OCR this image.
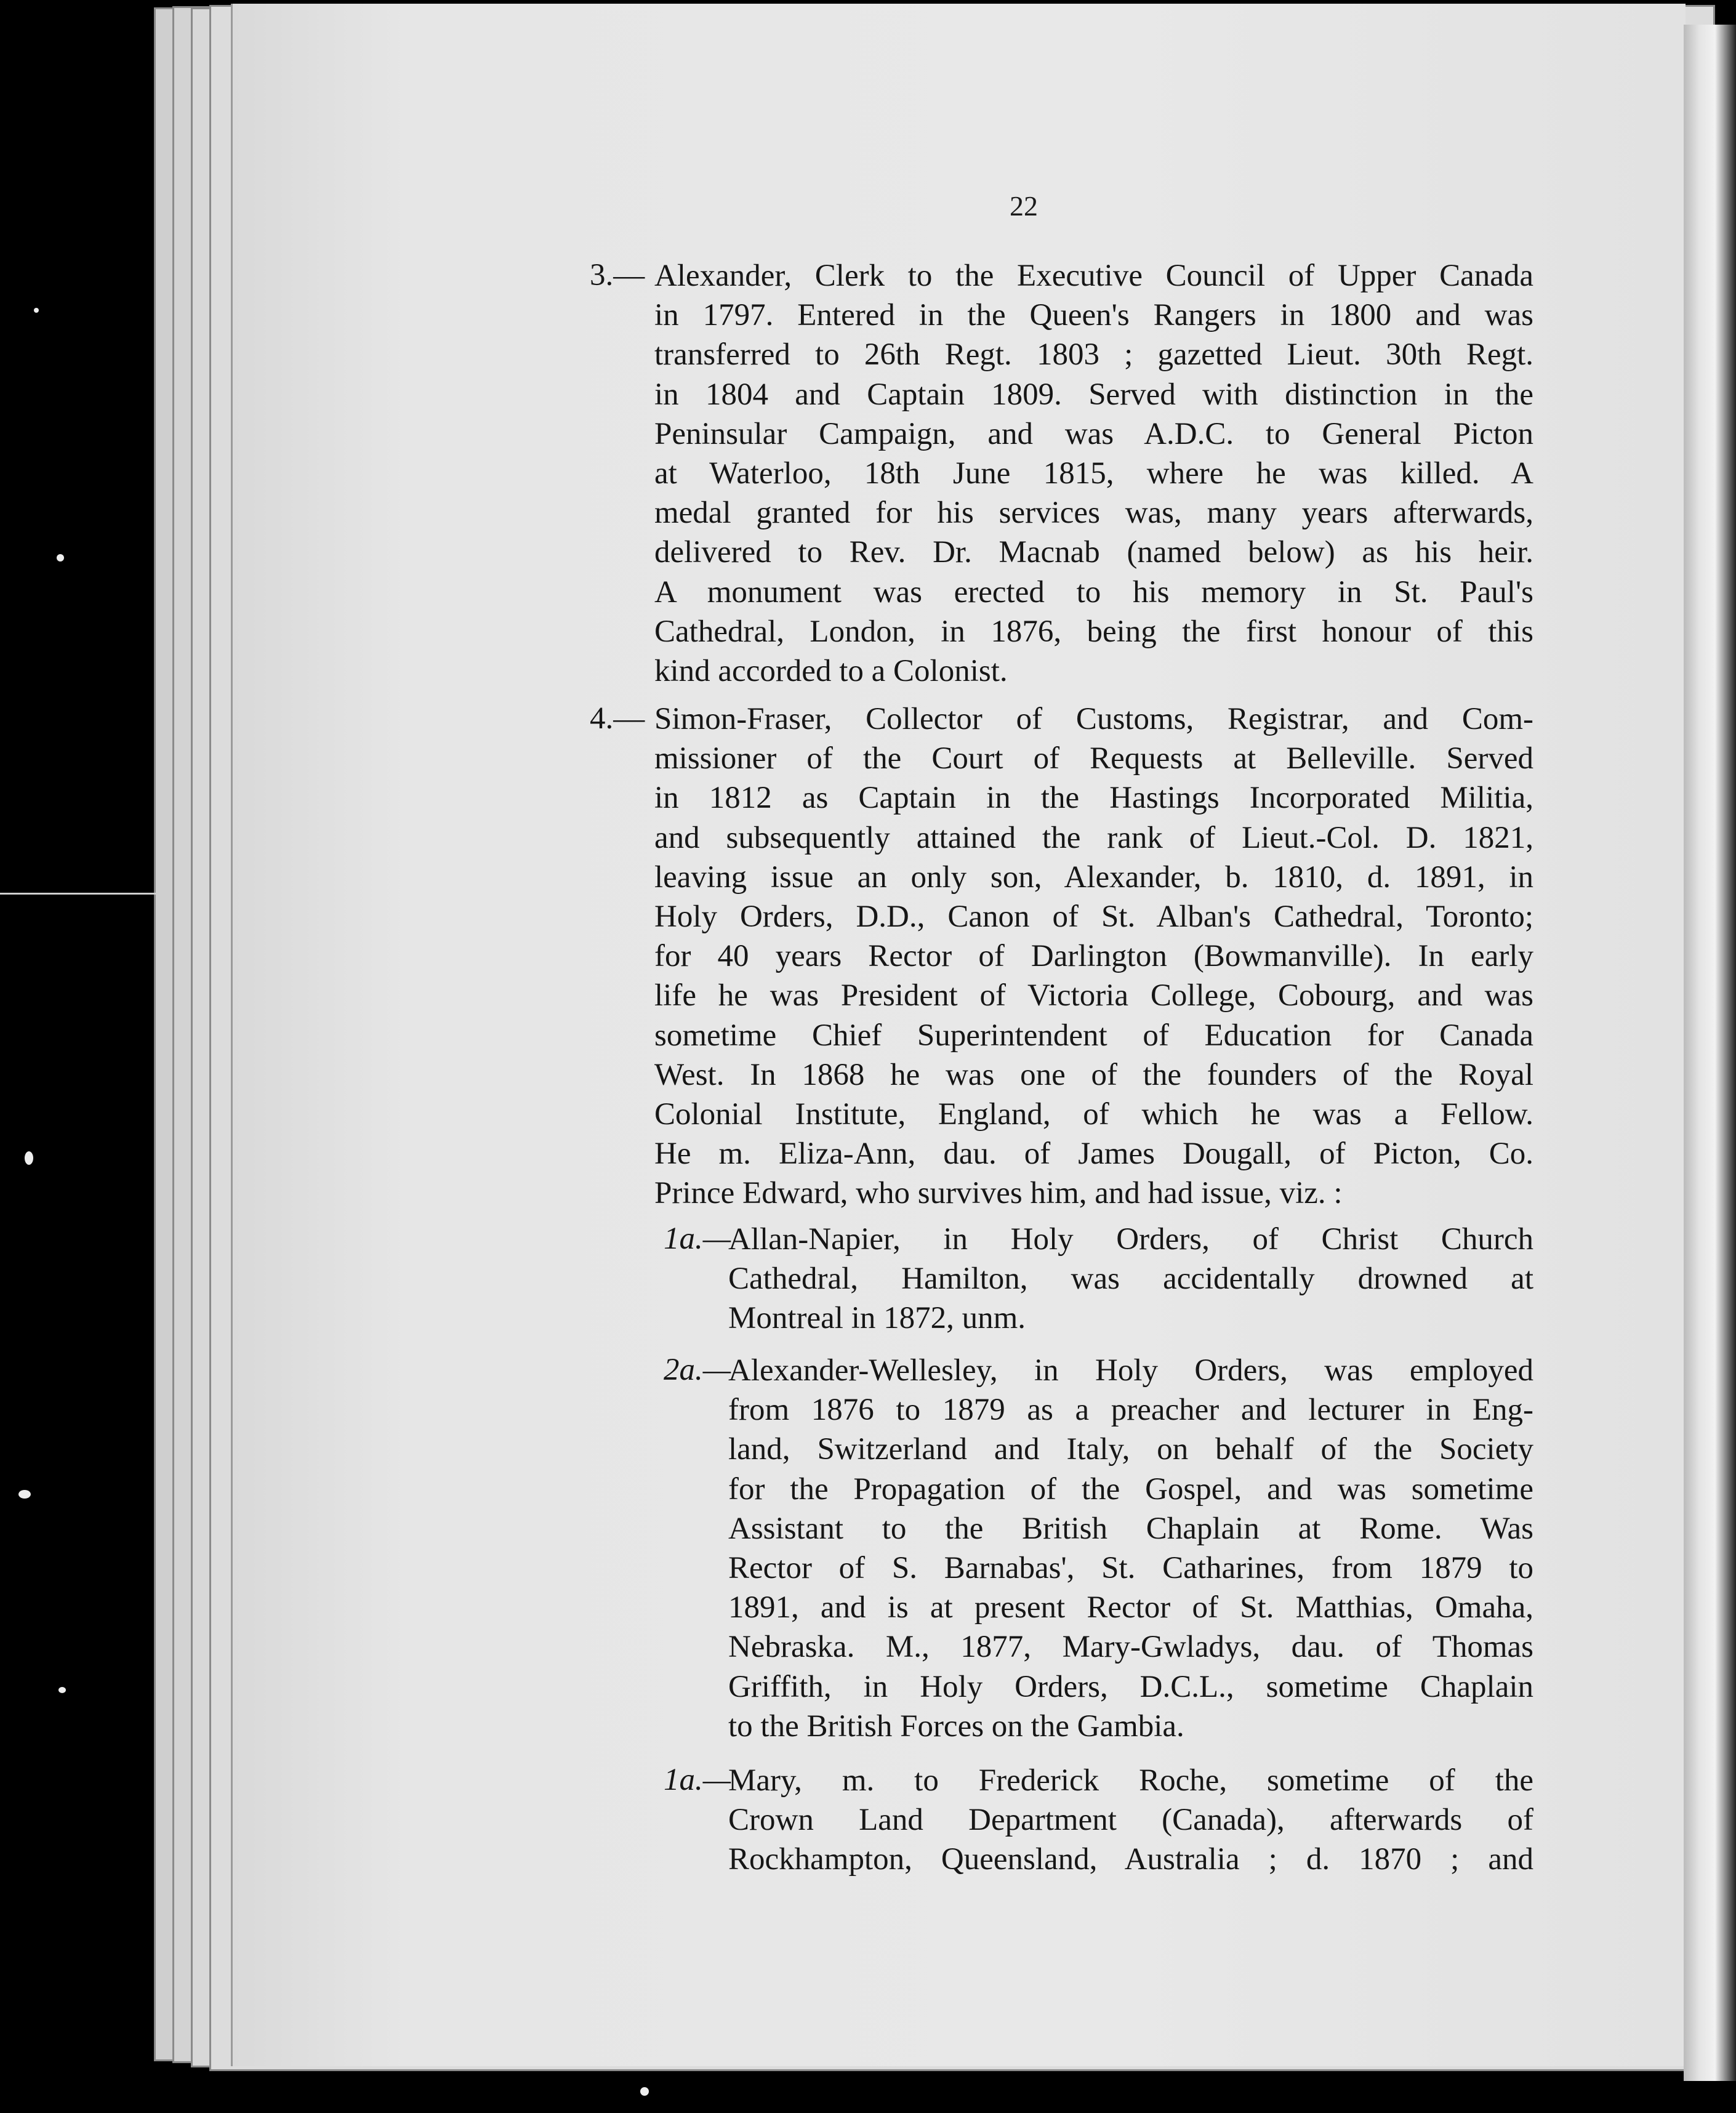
22
3.— Alexander, Clerk to the Executive Council of Upper Canada
in 1797. Entered in the Queen's Rangers in 1800 and was
transferred to 26th Regt. 1803 ; gazetted Lieut. 30th Regt.
in 1804 and Captain 1809. Served with distinction in the
Peninsular Campaign, and was A.D.C. to General Picton
at Waterloo, 18th June 1815, where he was killed. A
medal granted for his services was, many years afterwards,
delivered to Rev. Dr. Macnab (named below) as his heir.
A monument was erected to his memory in St. Paul's
Cathedral, London, in 1876, being the first honour of this
kind accorded to a Colonist.
4.— Simon-Fraser, Collector of Customs, Registrar, and Com-
missioner of the Court of Requests at Belleville. Served
in 1812 as Captain in the Hastings Incorporated Militia,
and subsequently attained the rank of Lieut.-Col. D. 1821,
leaving issue an only son, Alexander, b. 1810, d. 1891, in
Holy Orders, D.D., Canon of St. Alban's Cathedral, Toronto;
for 40 years Rector of Darlington (Bowmanville). In early
life he was President of Victoria College, Cobourg, and was
sometime Chief Superintendent of Education for Canada
West. In 1868 he was one of the founders of the Royal
Colonial Institute, England, of which he was a Fellow.
He m. Eliza-Ann, dau. of James Dougall, of Picton, Co.
Prince Edward, who survives him, and had issue, viz. :
1a.—
Allan-Napier, in Holy Orders, of Christ Church
Cathedral, Hamilton, was accidentally drowned at
Montreal in 1872, unm.
2a.—
Alexander-Wellesley, in Holy Orders, was employed
from 1876 to 1879 as a preacher and lecturer in Eng-
land, Switzerland and Italy, on behalf of the Society
for the Propagation of the Gospel, and was sometime
Assistant to the British Chaplain at Rome. Was
Rector of S. Barnabas', St. Catharines, from 1879 to
1891, and is at present Rector of St. Matthias, Omaha,
Nebraska. M., 1877, Mary-Gwladys, dau. of Thomas
Griffith, in Holy Orders, D.C.L., sometime Chaplain
to the British Forces on the Gambia.
1a.—
Mary, m. to Frederick Roche, sometime of the
Crown Land Department (Canada), afterwards of
Rockhampton, Queensland, Australia ; d. 1870 ; and
